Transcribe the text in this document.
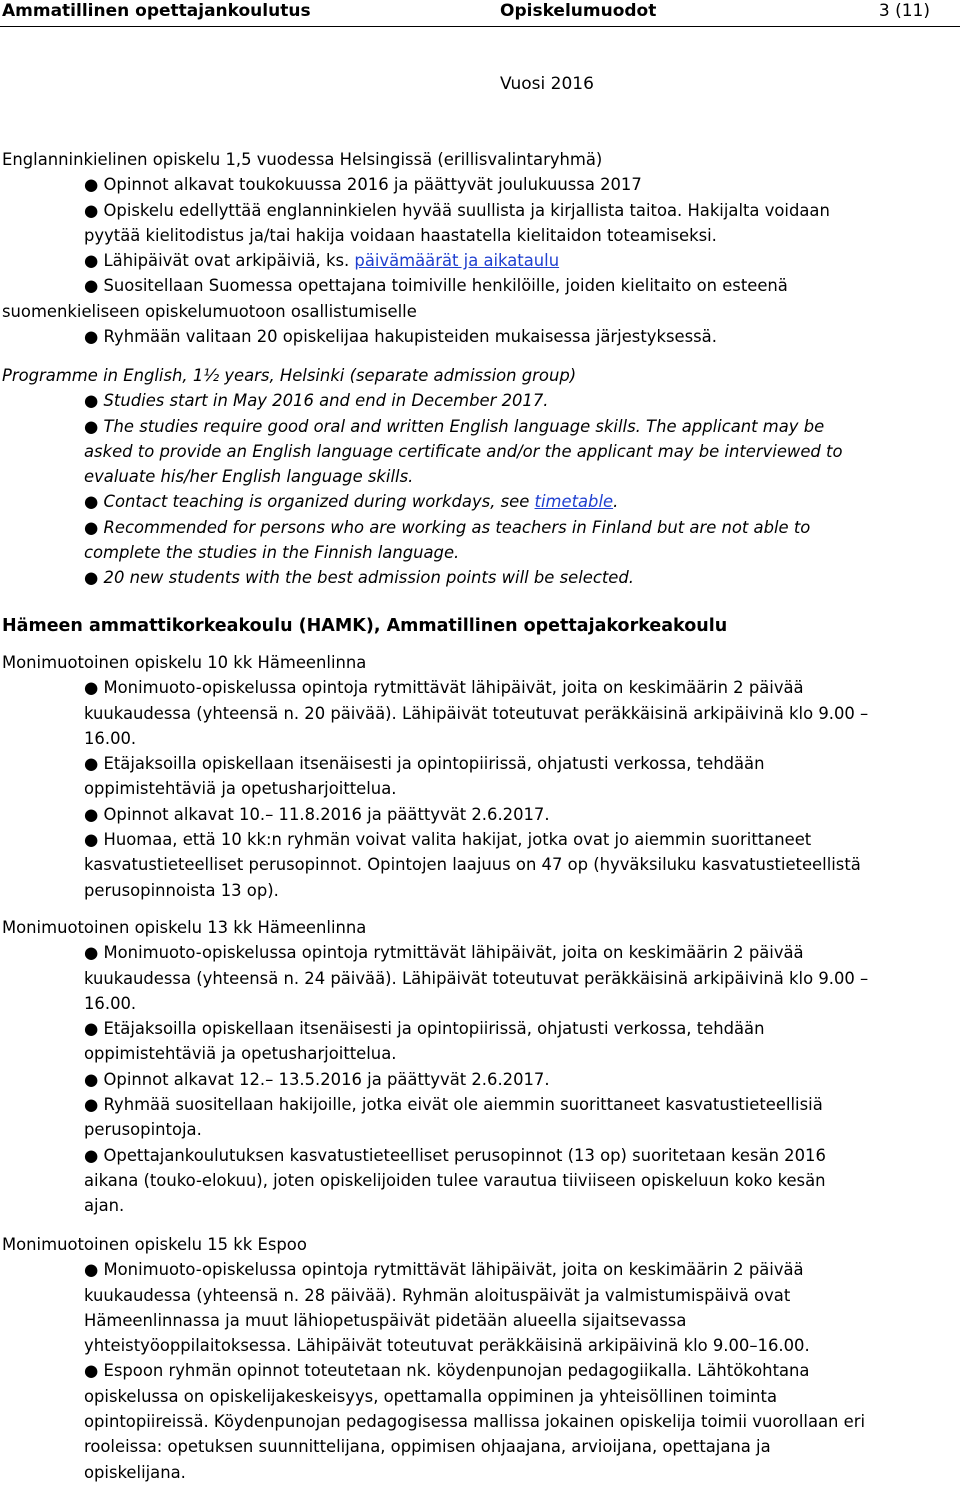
Ammatillinen opettajankoulutus	Opiskelumuodot	3 (11)
Vuosi 2016
Englanninkielinen opiskelu 1,5 vuodessa Helsingissä (erillisvalintaryhmä)
● Opinnot alkavat toukokuussa 2016 ja päättyvät joulukuussa 2017
● Opiskelu edellyttää englanninkielen hyvää suullista ja kirjallista taitoa. Hakijalta voidaan
pyytää kielitodistus ja/tai hakija voidaan haastatella kielitaidon toteamiseksi.
● Lähipäivät ovat arkipäiviä, ks. päivämäärät ja aikataulu
● Suositellaan Suomessa opettajana toimiville henkilöille, joiden kielitaito on esteenä
suomenkieliseen opiskelumuotoon osallistumiselle
● Ryhmään valitaan 20 opiskelijaa hakupisteiden mukaisessa järjestyksessä.
Programme in English, 1½ years, Helsinki (separate admission group)
● Studies start in May 2016 and end in December 2017.
● The studies require good oral and written English language skills. The applicant may be
asked to provide an English language certificate and/or the applicant may be interviewed to
evaluate his/her English language skills.
● Contact teaching is organized during workdays, see timetable.
● Recommended for persons who are working as teachers in Finland but are not able to
complete the studies in the Finnish language.
● 20 new students with the best admission points will be selected.
Hämeen ammattikorkeakoulu (HAMK), Ammatillinen opettajakorkeakoulu
Monimuotoinen opiskelu 10 kk Hämeenlinna
● Monimuoto-opiskelussa opintoja rytmittävät lähipäivät, joita on keskimäärin 2 päivää
kuukaudessa (yhteensä n. 20 päivää). Lähipäivät toteutuvat peräkkäisinä arkipäivinä klo 9.00 –
16.00.
● Etäjaksoilla opiskellaan itsenäisesti ja opintopiirissä, ohjatusti verkossa, tehdään
oppimistehtäviä ja opetusharjoittelua.
● Opinnot alkavat 10.– 11.8.2016 ja päättyvät 2.6.2017.
● Huomaa, että 10 kk:n ryhmän voivat valita hakijat, jotka ovat jo aiemmin suorittaneet
kasvatustieteelliset perusopinnot. Opintojen laajuus on 47 op (hyväksiluku kasvatustieteellistä
perusopinnoista 13 op).
Monimuotoinen opiskelu 13 kk Hämeenlinna
● Monimuoto-opiskelussa opintoja rytmittävät lähipäivät, joita on keskimäärin 2 päivää
kuukaudessa (yhteensä n. 24 päivää). Lähipäivät toteutuvat peräkkäisinä arkipäivinä klo 9.00 –
16.00.
● Etäjaksoilla opiskellaan itsenäisesti ja opintopiirissä, ohjatusti verkossa, tehdään
oppimistehtäviä ja opetusharjoittelua.
● Opinnot alkavat 12.– 13.5.2016 ja päättyvät 2.6.2017.
● Ryhmää suositellaan hakijoille, jotka eivät ole aiemmin suorittaneet kasvatustieteellisiä
perusopintoja.
● Opettajankoulutuksen kasvatustieteelliset perusopinnot (13 op) suoritetaan kesän 2016
aikana (touko-elokuu), joten opiskelijoiden tulee varautua tiiviiseen opiskeluun koko kesän
ajan.
Monimuotoinen opiskelu 15 kk Espoo
● Monimuoto-opiskelussa opintoja rytmittävät lähipäivät, joita on keskimäärin 2 päivää
kuukaudessa (yhteensä n. 28 päivää). Ryhmän aloituspäivät ja valmistumispäivä ovat
Hämeenlinnassa ja muut lähiopetuspäivät pidetään alueella sijaitsevassa
yhteistyöoppilaitoksessa. Lähipäivät toteutuvat peräkkäisinä arkipäivinä klo 9.00–16.00.
● Espoon ryhmän opinnot toteutetaan nk. köydenpunojan pedagogiikalla. Lähtökohtana
opiskelussa on opiskelijakeskeisyys, opettamalla oppiminen ja yhteisöllinen toiminta
opintopiireissä. Köydenpunojan pedagogisessa mallissa jokainen opiskelija toimii vuorollaan eri
rooleissa: opetuksen suunnittelijana, oppimisen ohjaajana, arvioijana, opettajana ja
opiskelijana.
